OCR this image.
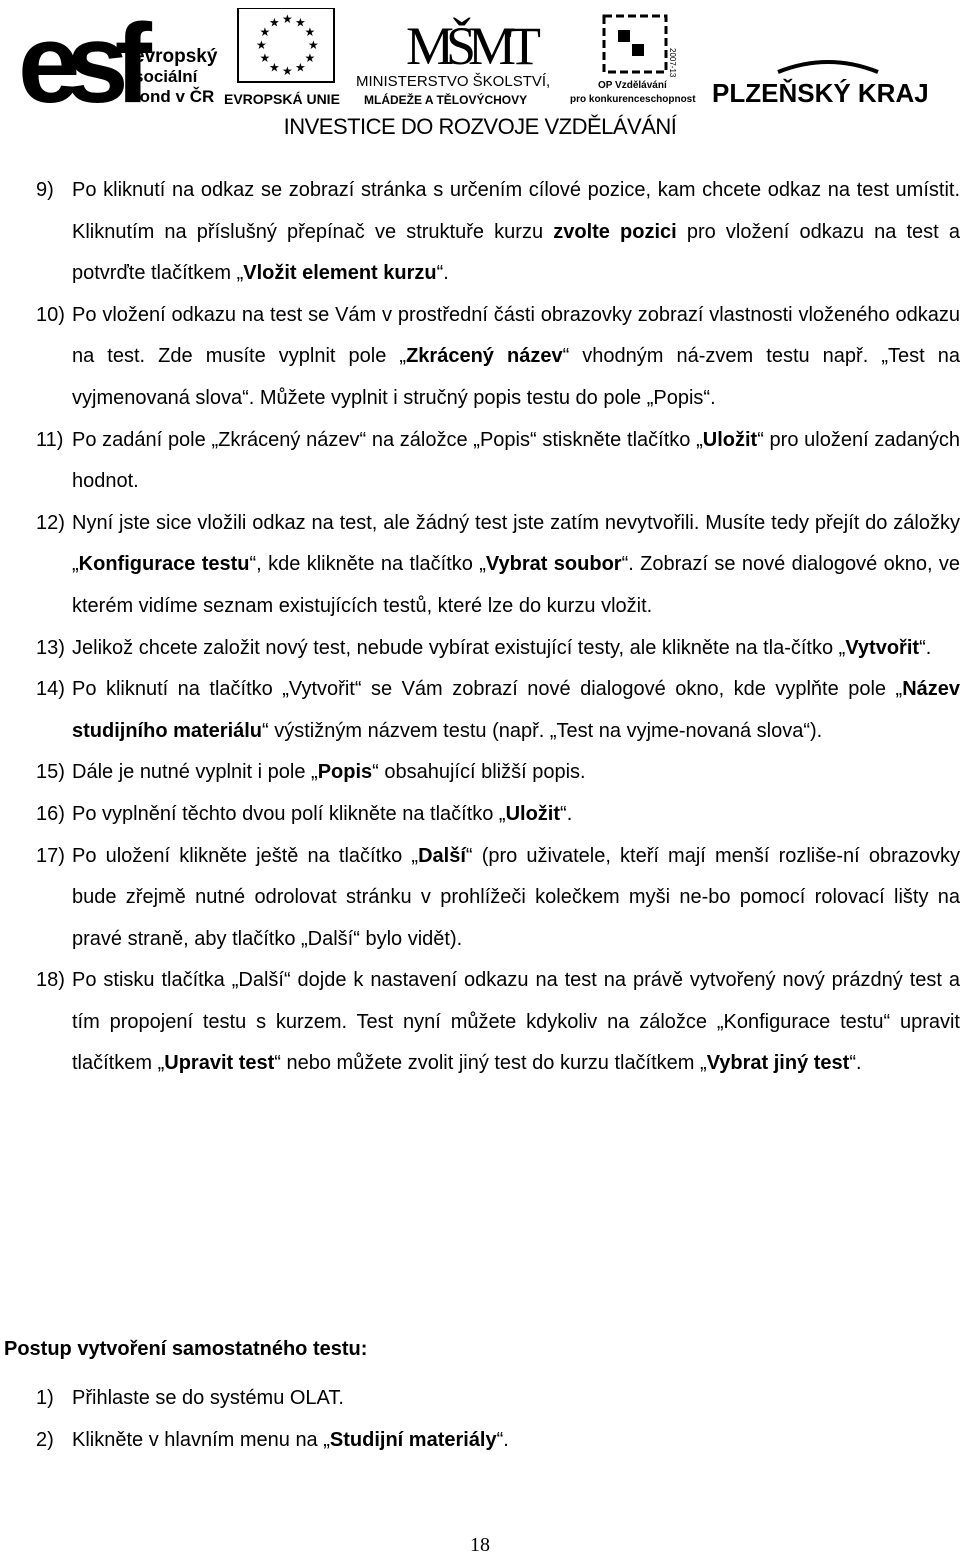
esf
evropský
sociální
fond v ČR
★ ★
★
★
★
★
★
★
★
★
★
★
EVROPSKÁ UNIE
MŠMT
MINISTERSTVO ŠKOLSTVÍ,
MLÁDEŽE A TĚLOVÝCHOVY
2007-13
OP Vzdělávání
pro konkurenceschopnost PLZEŇSKÝ KRAJ
INVESTICE DO ROZVOJE VZDĚLÁVÁNÍ

9) Po kliknutí na odkaz se zobrazí stránka s určením cílové pozice, kam chcete odkaz na test umístit. Kliknutím na příslušný přepínač ve struktuře kurzu zvolte pozici pro vložení odkazu na test a potvrďte tlačítkem „Vložit element kurzu“.

10) Po vložení odkazu na test se Vám v prostřední části obrazovky zobrazí vlastnosti vloženého odkazu na test. Zde musíte vyplnit pole „Zkrácený název“ vhodným ná-zvem testu např. „Test na vyjmenovaná slova“. Můžete vyplnit i stručný popis testu do pole „Popis“.

11) Po zadání pole „Zkrácený název“ na záložce „Popis“ stiskněte tlačítko „Uložit“ pro uložení zadaných hodnot.

12) Nyní jste sice vložili odkaz na test, ale žádný test jste zatím nevytvořili. Musíte tedy přejít do záložky „Konfigurace testu“, kde klikněte na tlačítko „Vybrat soubor“. Zobrazí se nové dialogové okno, ve kterém vidíme seznam existujících testů, které lze do kurzu vložit.

13) Jelikož chcete založit nový test, nebude vybírat existující testy, ale klikněte na tla-čítko „Vytvořit“.

14) Po kliknutí na tlačítko „Vytvořit“ se Vám zobrazí nové dialogové okno, kde vyplňte pole „Název studijního materiálu“ výstižným názvem testu (např. „Test na vyjme-novaná slova“).

15) Dále je nutné vyplnit i pole „Popis“ obsahující bližší popis.

16) Po vyplnění těchto dvou polí klikněte na tlačítko „Uložit“.

17) Po uložení klikněte ještě na tlačítko „Další“ (pro uživatele, kteří mají menší rozliše-ní obrazovky bude zřejmě nutné odrolovat stránku v prohlížeči kolečkem myši ne-bo pomocí rolovací lišty na pravé straně, aby tlačítko „Další“ bylo vidět).

18) Po stisku tlačítka „Další“ dojde k nastavení odkazu na test na právě vytvořený nový prázdný test a tím propojení testu s kurzem. Test nyní můžete kdykoliv na záložce „Konfigurace testu“ upravit tlačítkem „Upravit test“ nebo můžete zvolit jiný test do kurzu tlačítkem „Vybrat jiný test“.

Postup vytvoření samostatného testu:

1) Přihlaste se do systému OLAT.

2) Klikněte v hlavním menu na „Studijní materiály“.

18
